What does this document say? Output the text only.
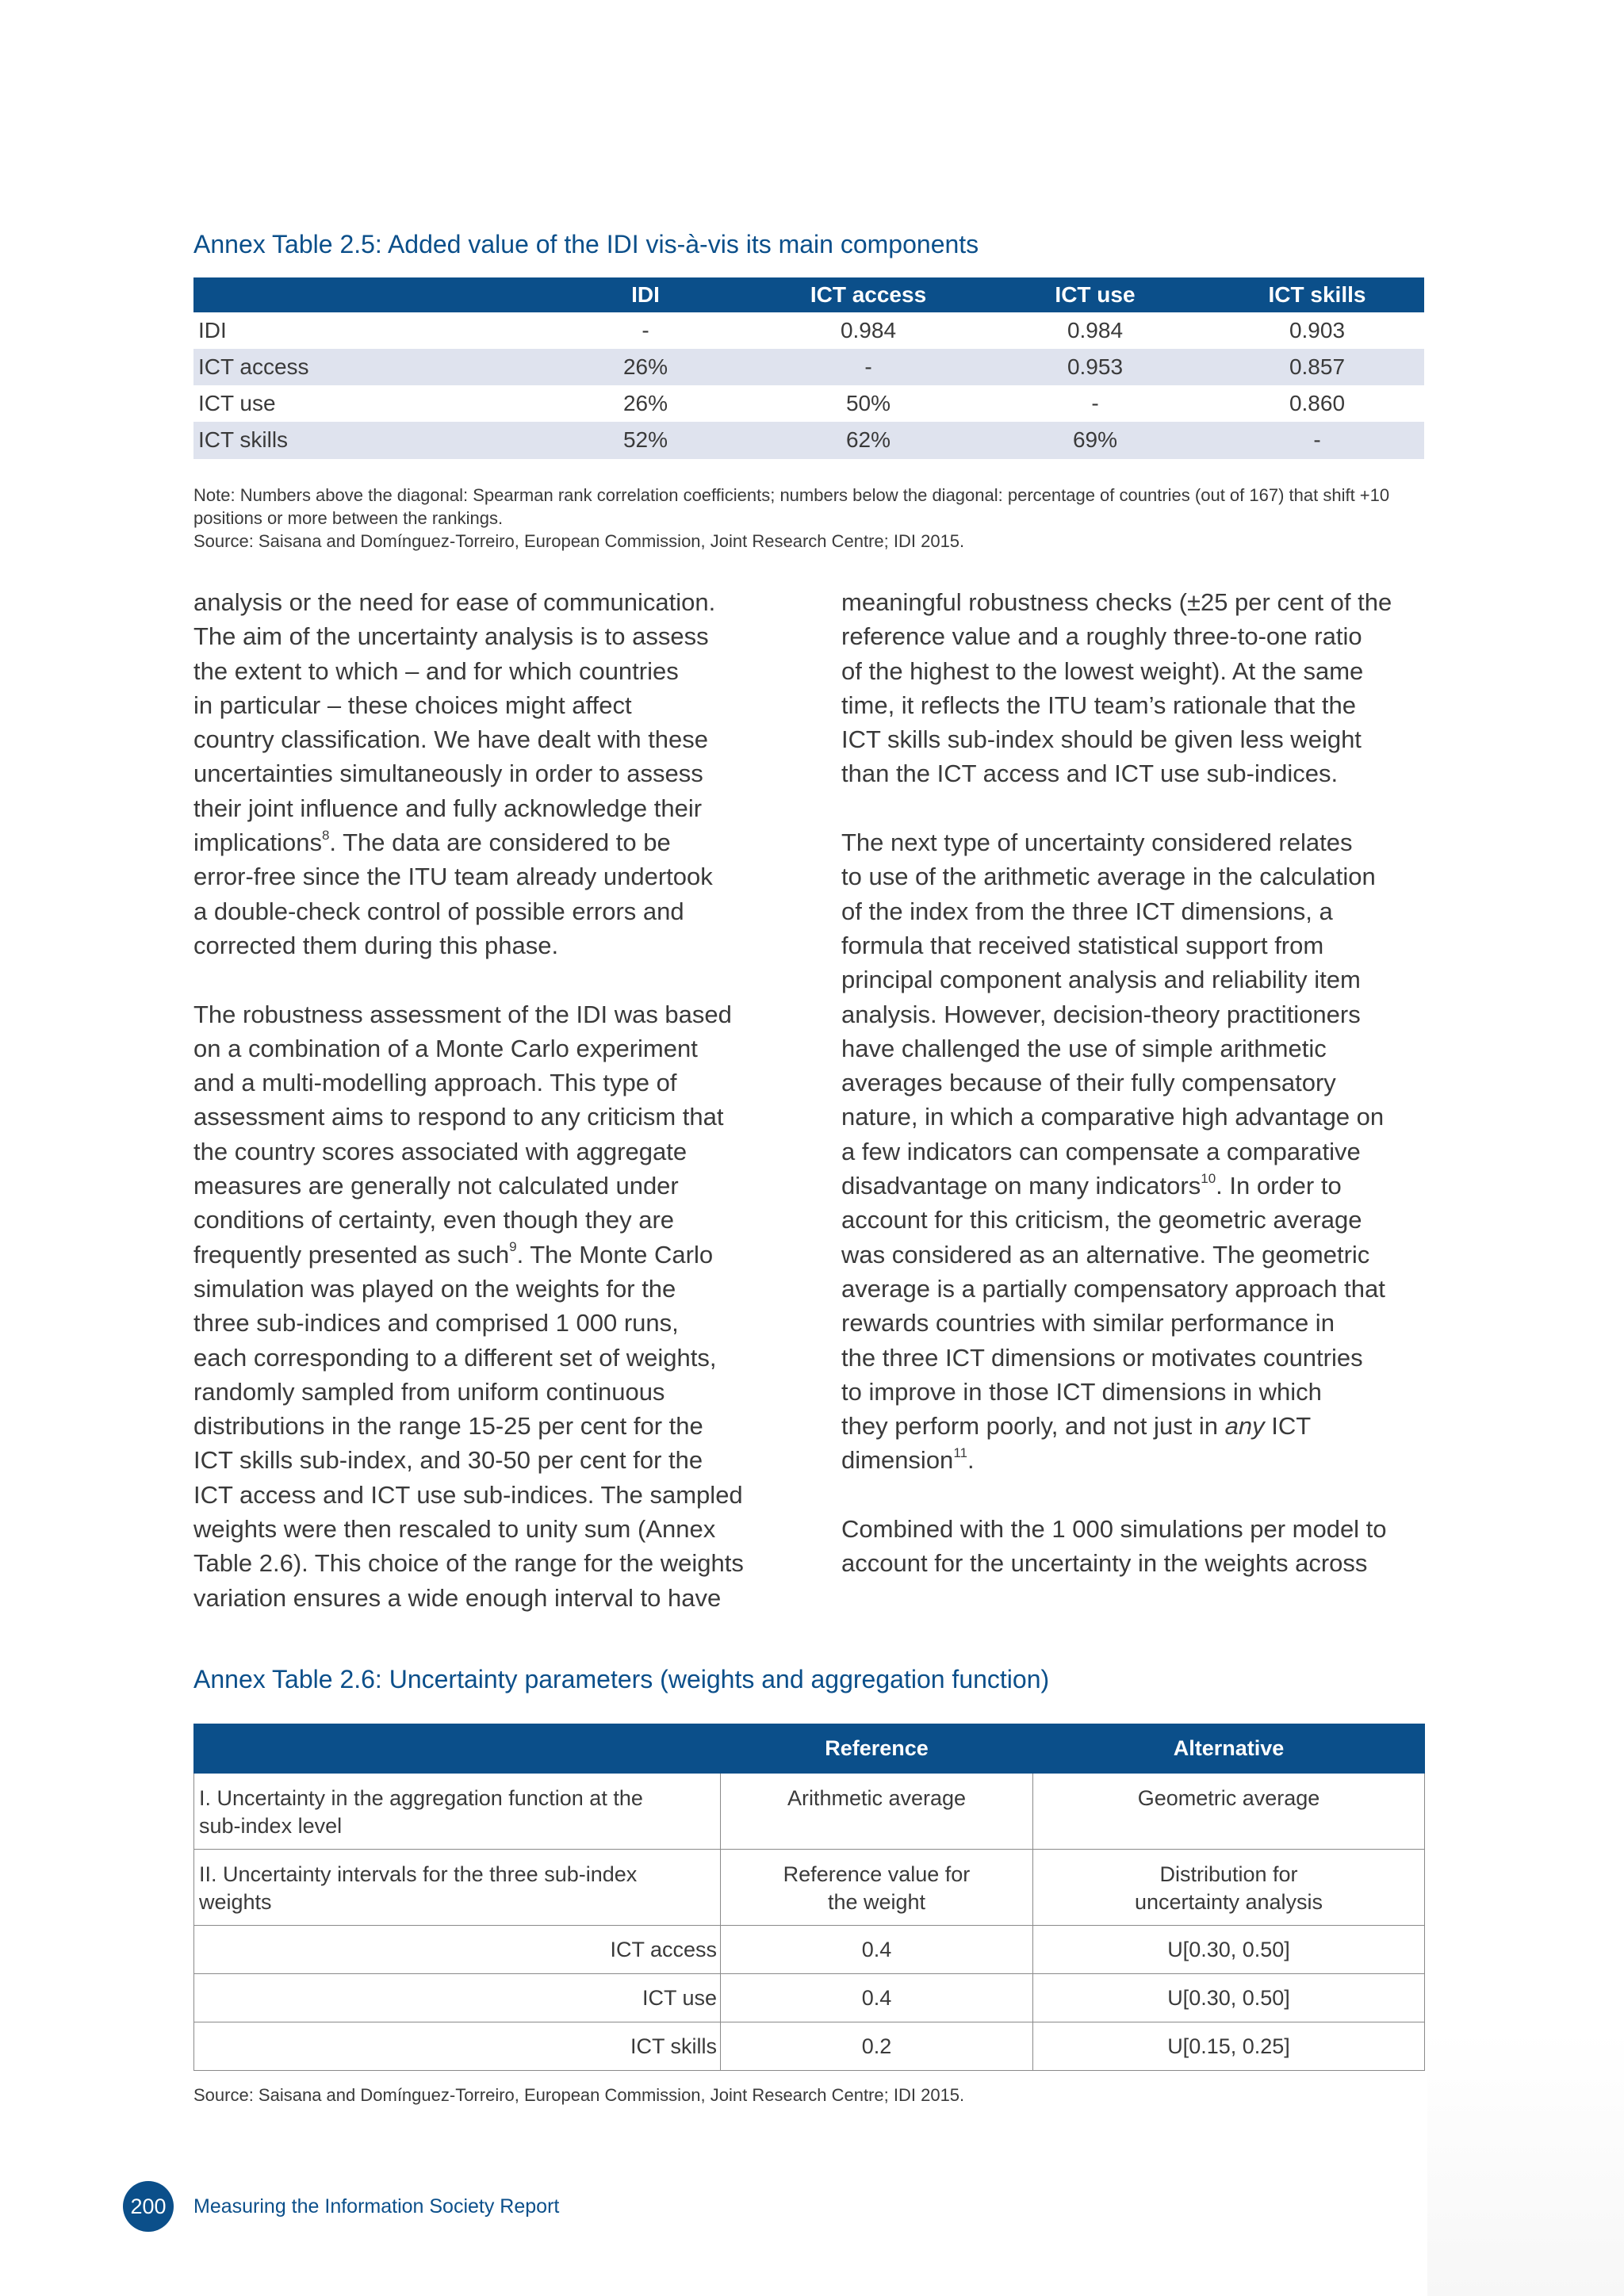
Annex Table 2.5: Added value of the IDI vis-à-vis its main components
	IDI	ICT access	ICT use	ICT skills
IDI	-	0.984	0.984	0.903
ICT access	26%	-	0.953	0.857
ICT use	26%	50%	-	0.860
ICT skills	52%	62%	69%	-

Note: Numbers above the diagonal: Spearman rank correlation coefficients; numbers below the diagonal: percentage of countries (out of 167) that shift +10 positions or more between the rankings.

Source: Saisana and Domínguez-Torreiro, European Commission, Joint Research Centre; IDI 2015.

analysis or the need for ease of communication.
The aim of the uncertainty analysis is to assess
the extent to which – and for which countries
in particular – these choices might affect
country classification. We have dealt with these
uncertainties simultaneously in order to assess
their joint influence and fully acknowledge their
implications$^8$. The data are considered to be
error-free since the ITU team already undertook
a double-check control of possible errors and
corrected them during this phase.

The robustness assessment of the IDI was based
on a combination of a Monte Carlo experiment
and a multi-modelling approach. This type of
assessment aims to respond to any criticism that
the country scores associated with aggregate
measures are generally not calculated under
conditions of certainty, even though they are
frequently presented as such$^9$. The Monte Carlo
simulation was played on the weights for the
three sub-indices and comprised 1 000 runs,
each corresponding to a different set of weights,
randomly sampled from uniform continuous
distributions in the range 15-25 per cent for the
ICT skills sub-index, and 30-50 per cent for the
ICT access and ICT use sub-indices. The sampled
weights were then rescaled to unity sum (Annex
Table 2.6). This choice of the range for the weights
variation ensures a wide enough interval to have

meaningful robustness checks (±25 per cent of the
reference value and a roughly three-to-one ratio
of the highest to the lowest weight). At the same
time, it reflects the ITU team’s rationale that the
ICT skills sub-index should be given less weight
than the ICT access and ICT use sub-indices.

The next type of uncertainty considered relates
to use of the arithmetic average in the calculation
of the index from the three ICT dimensions, a
formula that received statistical support from
principal component analysis and reliability item
analysis. However, decision-theory practitioners
have challenged the use of simple arithmetic
averages because of their fully compensatory
nature, in which a comparative high advantage on
a few indicators can compensate a comparative
disadvantage on many indicators$^{10}$. In order to
account for this criticism, the geometric average
was considered as an alternative. The geometric
average is a partially compensatory approach that
rewards countries with similar performance in
the three ICT dimensions or motivates countries
to improve in those ICT dimensions in which
they perform poorly, and not just in any ICT
dimension$^{11}$.

Combined with the 1 000 simulations per model to
account for the uncertainty in the weights across

Annex Table 2.6: Uncertainty parameters (weights and aggregation function)
	Reference	Alternative
I. Uncertainty in the aggregation function at the
sub-index level	Arithmetic average	Geometric average
II. Uncertainty intervals for the three sub-index
weights	Reference value for
the weight	Distribution for
uncertainty analysis
ICT access	0.4	U[0.30, 0.50]
ICT use	0.4	U[0.30, 0.50]
ICT skills	0.2	U[0.15, 0.25]
Source: Saisana and Domínguez-Torreiro, European Commission, Joint Research Centre; IDI 2015.
200	Measuring the Information Society Report
